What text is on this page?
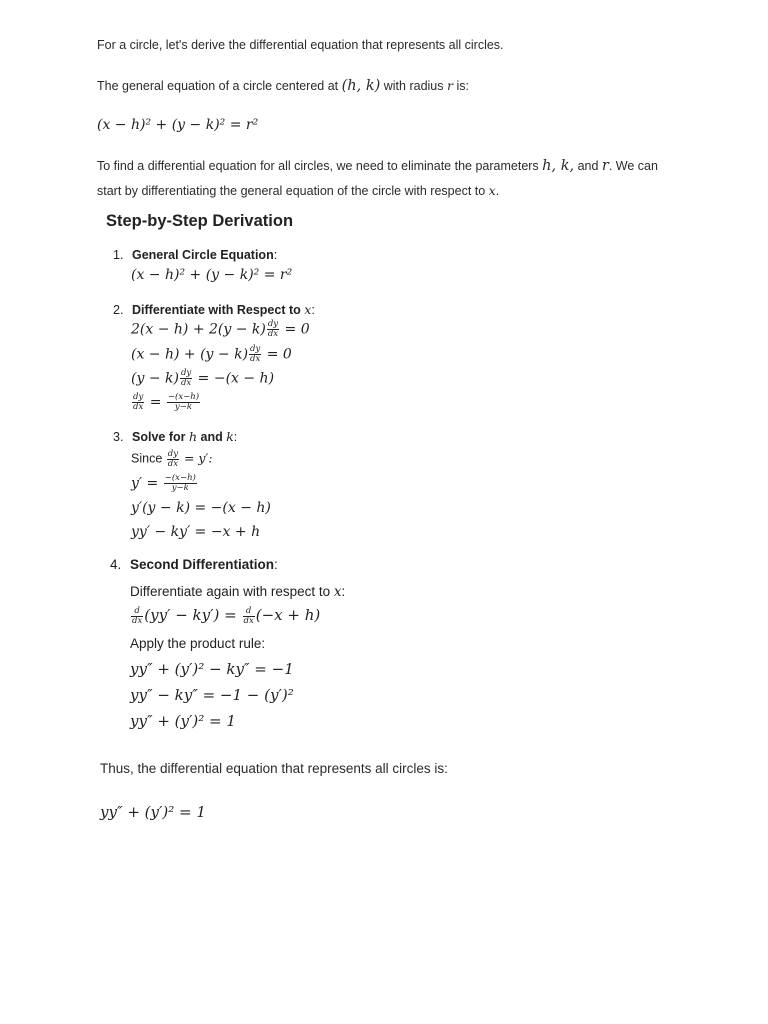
For a circle, let's derive the differential equation that represents all circles.
The general equation of a circle centered at (h, k) with radius r is:
(x − h)² + (y − k)² = r²
To find a differential equation for all circles, we need to eliminate the parameters h, k, and r. We can
start by differentiating the general equation of the circle with respect to x.
Step-by-Step Derivation
1. General Circle Equation:
(x − h)² + (y − k)² = r²
2. Differentiate with Respect to x:
$2(x - h) + 2(y - k) \frac{dy}{dx} = 0$
$(x - h) + (y - k) \frac{dy}{dx} = 0$
$(y - k) \frac{dy}{dx} = -(x - h)$
$\frac{dy}{dx} = \frac{-(x-h)}{y-k}$
3. Solve for h and k:
Since $\frac{dy}{dx} = y'$:
$y' = \frac{-(x-h)}{y-k}$
y′(y − k) = −(x − h)
yy′ − ky′ = −x + h
4. Second Differentiation:
Differentiate again with respect to x:
$\frac{d}{dx} (yy' - ky') = \frac{d}{dx} (-x + h)$
Apply the product rule:
yy″ + (y′)² − ky″ = −1
yy″ − ky″ = −1 − (y′)²
yy″ + (y′)² = 1
Thus, the differential equation that represents all circles is:
yy″ + (y′)² = 1
